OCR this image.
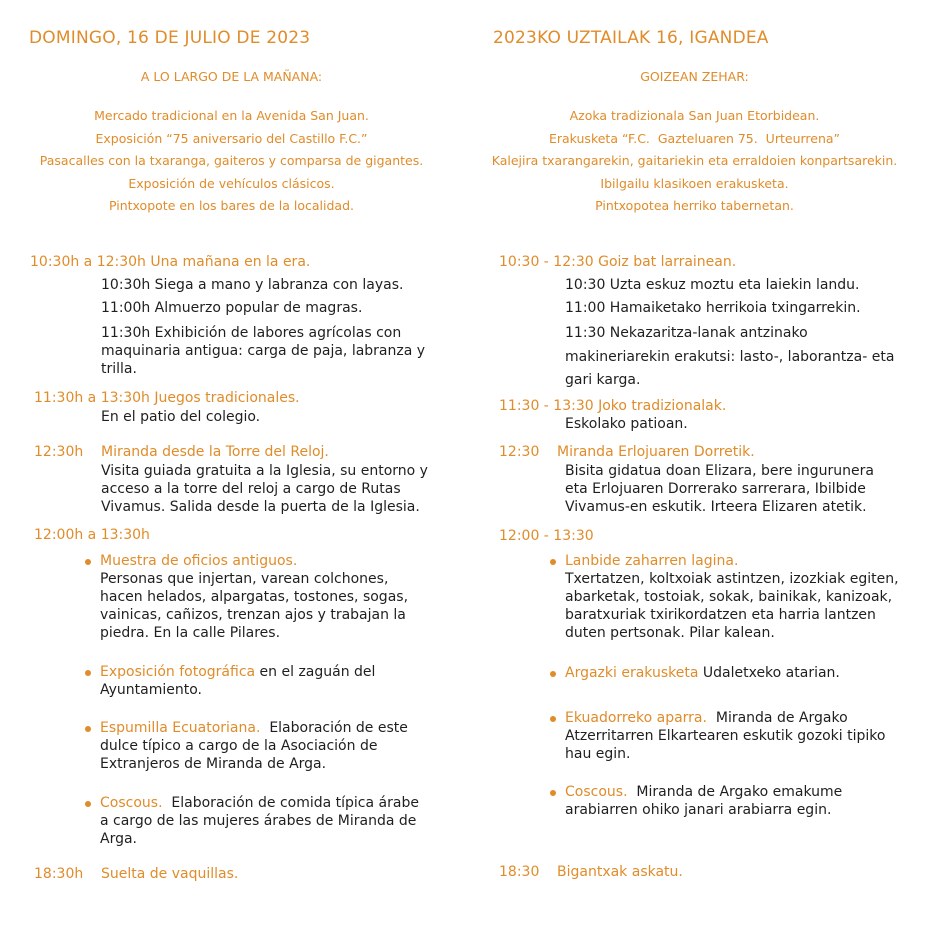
DOMINGO, 16 DE JULIO DE 2023
A LO LARGO DE LA MAÑANA:
Mercado tradicional en la Avenida San Juan.
Exposición “75 aniversario del Castillo F.C.”
Pasacalles con la txaranga, gaiteros y comparsa de gigantes.
Exposición de vehículos clásicos.
Pintxopote en los bares de la localidad.
10:30h a 12:30h Una mañana en la era.
10:30h Siega a mano y labranza con layas.
11:00h Almuerzo popular de magras.
11:30h Exhibición de labores agrícolas con
maquinaria antigua: carga de paja, labranza y
trilla.
11:30h a 13:30h Juegos tradicionales.
En el patio del colegio.
12:30h Miranda desde la Torre del Reloj.
Visita guiada gratuita a la Iglesia, su entorno y
acceso a la torre del reloj a cargo de Rutas
Vivamus. Salida desde la puerta de la Iglesia.
12:00h a 13:30h
Muestra de oficios antiguos.
Personas que injertan, varean colchones,
hacen helados, alpargatas, tostones, sogas,
vainicas, cañizos, trenzan ajos y trabajan la
piedra. En la calle Pilares.
Exposición fotográfica en el zaguán del
Ayuntamiento.
Espumilla Ecuatoriana.  Elaboración de este
dulce típico a cargo de la Asociación de
Extranjeros de Miranda de Arga.
Coscous.  Elaboración de comida típica árabe
a cargo de las mujeres árabes de Miranda de
Arga.
18:30h Suelta de vaquillas.
2023KO UZTAILAK 16, IGANDEA
GOIZEAN ZEHAR:
Azoka tradizionala San Juan Etorbidean.
Erakusketa “F.C.  Gazteluaren 75.  Urteurrena”
Kalejira txarangarekin, gaitariekin eta erraldoien konpartsarekin.
Ibilgailu klasikoen erakusketa.
Pintxopotea herriko tabernetan.
10:30 - 12:30 Goiz bat larrainean.
10:30 Uzta eskuz moztu eta laiekin landu.
11:00 Hamaiketako herrikoia txingarrekin.
11:30 Nekazaritza-lanak antzinako
makineriarekin erakutsi: lasto-, laborantza- eta
gari karga.
11:30 - 13:30 Joko tradizionalak.
Eskolako patioan.
12:30 Miranda Erlojuaren Dorretik.
Bisita gidatua doan Elizara, bere ingurunera
eta Erlojuaren Dorrerako sarrerara, Ibilbide
Vivamus-en eskutik. Irteera Elizaren atetik.
12:00 - 13:30
Lanbide zaharren lagina.
Txertatzen, koltxoiak astintzen, izozkiak egiten,
abarketak, tostoiak, sokak, bainikak, kanizoak,
baratxuriak txirikordatzen eta harria lantzen
duten pertsonak. Pilar kalean.
Argazki erakusketa Udaletxeko atarian.
Ekuadorreko aparra.  Miranda de Argako
Atzerritarren Elkartearen eskutik gozoki tipiko
hau egin.
Coscous.  Miranda de Argako emakume
arabiarren ohiko janari arabiarra egin.
18:30 Bigantxak askatu.
